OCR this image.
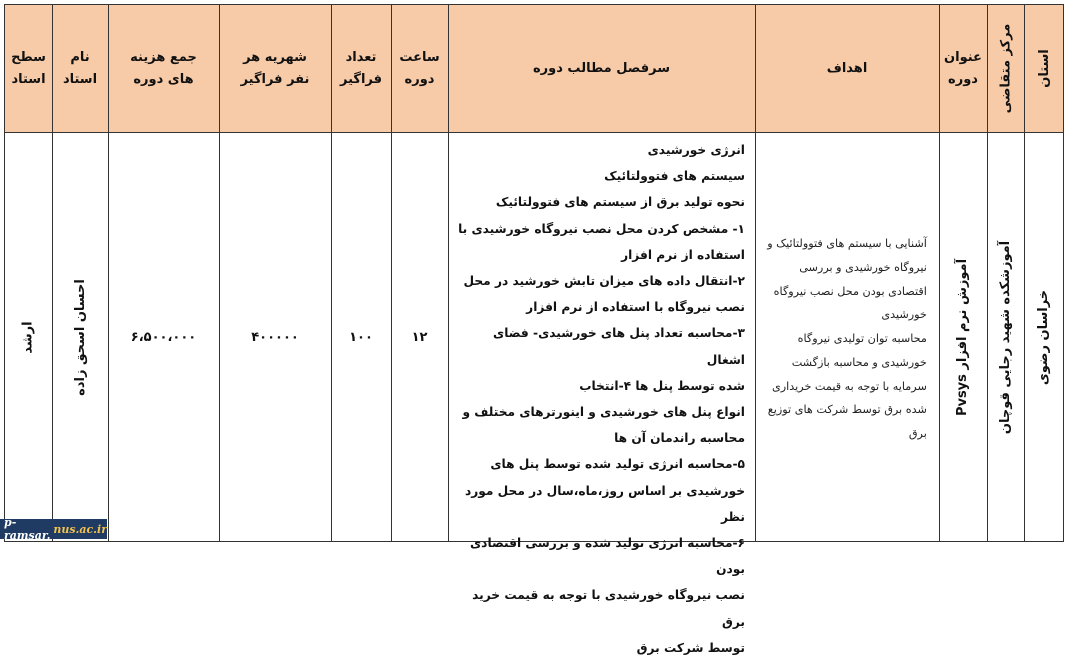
استان
مرکز متقاضی
عنوان دوره
اهداف
سرفصل مطالب دوره
ساعت دوره
تعداد فراگیر
شهریه هر نفر فراگیر
جمع هزینه های دوره
نام استاد
سطح استاد
خراسان رضوی
آموزشکده شهید رجایی قوچان
آموزش نرم افزار Pvsys
آشنایی با سیستم های فتوولتائیک و
نیروگاه خورشیدی و بررسی
اقتصادی بودن محل نصب نیروگاه
خورشیدی
محاسبه توان تولیدی نیروگاه
خورشیدی و محاسبه بازگشت
سرمایه با توجه به قیمت خریداری
شده برق توسط شرکت های توزیع
برق
انرژی خورشیدی
سیستم های فتوولتائیک
نحوه تولید برق از سیستم های فتوولتائیک
۱- مشخص کردن محل نصب نیروگاه خورشیدی با
استفاده از نرم افزار
۲-انتقال داده های میزان تابش خورشید در محل
نصب نیروگاه با استفاده از نرم افزار
۳-محاسبه تعداد پنل های خورشیدی- فضای اشغال
شده توسط پنل ها ۴-انتخاب
انواع پنل های خورشیدی و اینورترهای مختلف و
محاسبه راندمان آن ها
۵-محاسبه انرژی تولید شده توسط پنل های
خورشیدی بر اساس روز،ماه،سال در محل مورد نظر
۶-محاسبه انرژی تولید شده و بررسی اقتصادی بودن
نصب نیروگاه خورشیدی با توجه به قیمت خرید برق
توسط شرکت برق
۱۲
۱۰۰
۴۰۰۰۰۰
۶،۵۰۰،۰۰۰
احسان اسحق زاده
ارشد
p-ramsar. nus.ac.ir
